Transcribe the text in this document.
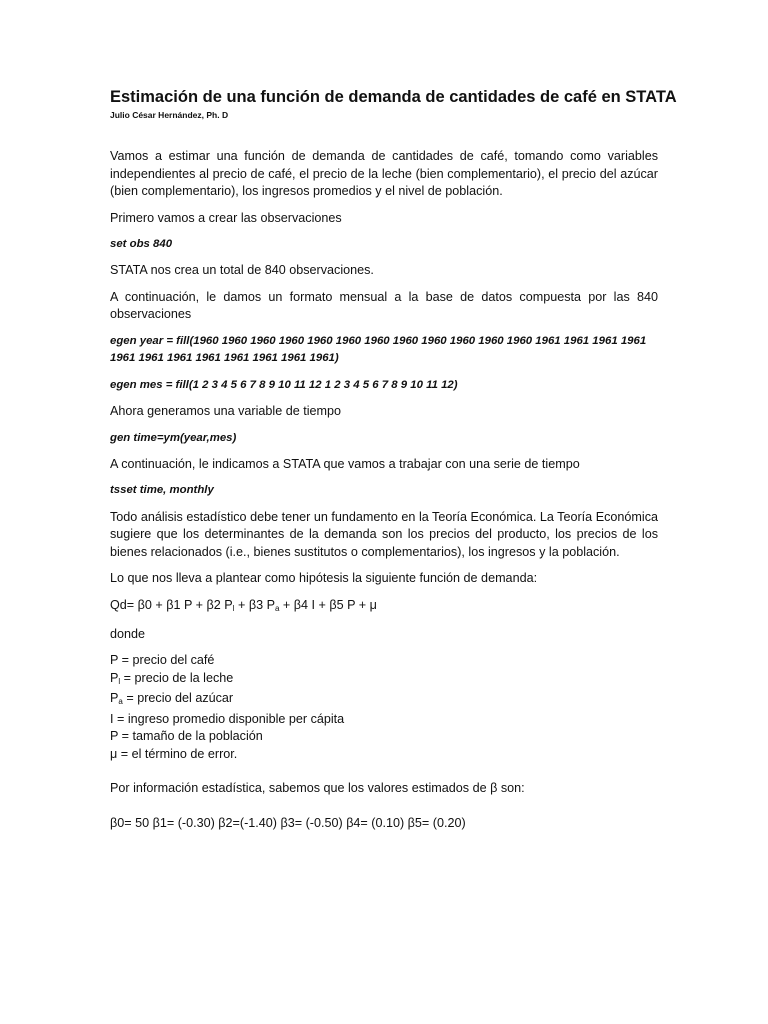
Estimación de una función de demanda de cantidades de café en STATA
Julio César Hernández, Ph. D

Vamos a estimar una función de demanda de cantidades de café, tomando como variables independientes al precio de café, el precio de la leche (bien complementario), el precio del azúcar (bien complementario), los ingresos promedios y el nivel de población.

Primero vamos a crear las observaciones

set obs 840

STATA nos crea un total de 840 observaciones.

A continuación, le damos un formato mensual a la base de datos compuesta por las 840 observaciones

egen year = fill(1960 1960 1960 1960 1960 1960 1960 1960 1960 1960 1960 1960 1961 1961 1961 1961 1961 1961 1961 1961 1961 1961 1961 1961)

egen mes = fill(1 2 3 4 5 6 7 8 9 10 11 12 1 2 3 4 5 6 7 8 9 10 11 12)

Ahora generamos una variable de tiempo

gen time=ym(year,mes)

A continuación, le indicamos a STATA que vamos a trabajar con una serie de tiempo

tsset time, monthly

Todo análisis estadístico debe tener un fundamento en la Teoría Económica. La Teoría Económica sugiere que los determinantes de la demanda son los precios del producto, los precios de los bienes relacionados (i.e., bienes sustitutos o complementarios), los ingresos y la población.

Lo que nos lleva a plantear como hipótesis la siguiente función de demanda:

Qd= β0 + β1 P + β2 $P_l + \beta 3$ $P_a + \beta 4$ I + β5 P + μ

donde

P = precio del café
$P_l$ = precio de la leche
$P_a$ = precio del azúcar
I = ingreso promedio disponible per cápita
P = tamaño de la población
μ = el término de error.

Por información estadística, sabemos que los valores estimados de β son:

β0= 50 β1= (-0.30) β2=(-1.40) β3= (-0.50) β4= (0.10) β5= (0.20)
